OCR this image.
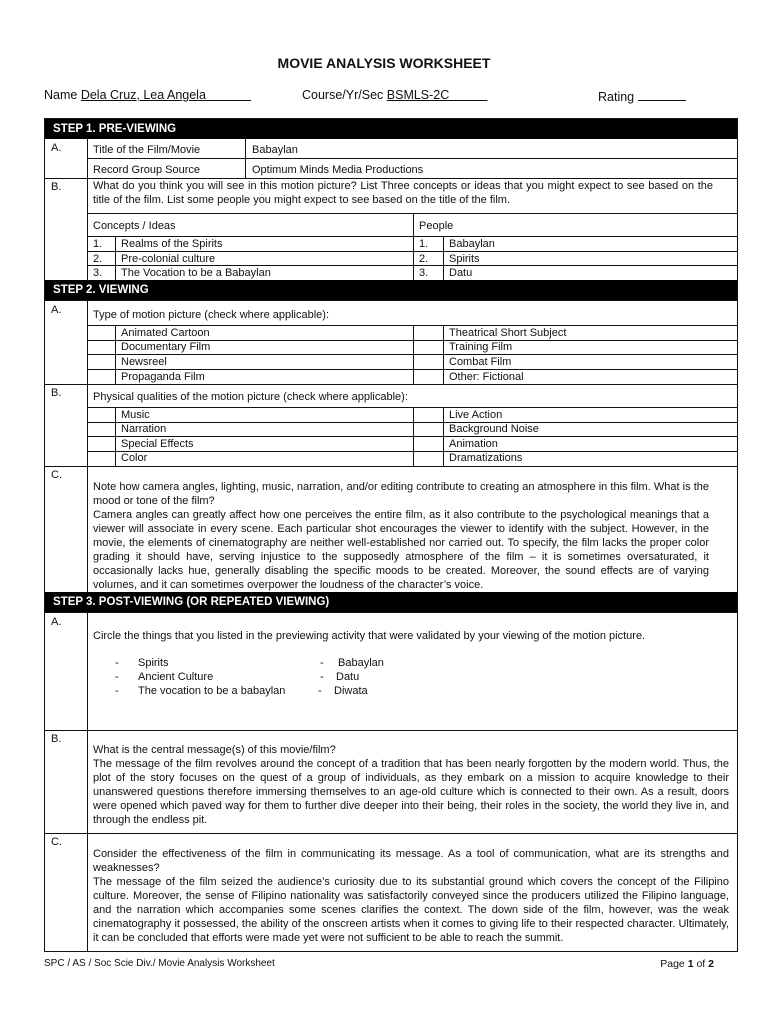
MOVIE ANALYSIS WORKSHEET
Name Dela Cruz, Lea Angela	Course/Yr/Sec BSMLS-2C	Rating
STEP 1. PRE-VIEWING
A.	Title of the Film/Movie	Babaylan
Record Group Source	Optimum Minds Media Productions
B.	What do you think you will see in this motion picture? List Three concepts or ideas that you might expect to see based on the title of the film. List some people you might expect to see based on the title of the film.
Concepts / Ideas	People
1. Realms of the Spirits	1. Babaylan
2. Pre-colonial culture	2. Spirits
3. The Vocation to be a Babaylan	3. Datu
STEP 2. VIEWING
A.	Type of motion picture (check where applicable):
Animated Cartoon	Theatrical Short Subject
Documentary Film	Training Film
Newsreel	Combat Film
Propaganda Film	Other: Fictional
B.	Physical qualities of the motion picture (check where applicable):
Music	Live Action
Narration	Background Noise
Special Effects	Animation
Color	Dramatizations
C.
Note how camera angles, lighting, music, narration, and/or editing contribute to creating an atmosphere in this film. What is the mood or tone of the film?
Camera angles can greatly affect how one perceives the entire film, as it also contribute to the psychological meanings that a viewer will associate in every scene. Each particular shot encourages the viewer to identify with the subject. However, in the movie, the elements of cinematography are neither well-established nor carried out. To specify, the film lacks the proper color grading it should have, serving injustice to the supposedly atmosphere of the film – it is sometimes oversaturated, it occasionally lacks hue, generally disabling the specific moods to be created. Moreover, the sound effects are of varying volumes, and it can sometimes overpower the loudness of the character’s voice.
STEP 3. POST-VIEWING (OR REPEATED VIEWING)
A.
Circle the things that you listed in the previewing activity that were validated by your viewing of the motion picture.
- Spirits	- Babaylan
- Ancient Culture	- Datu
- The vocation to be a babaylan	- Diwata
B.
What is the central message(s) of this movie/film?
The message of the film revolves around the concept of a tradition that has been nearly forgotten by the modern world. Thus, the plot of the story focuses on the quest of a group of individuals, as they embark on a mission to acquire knowledge to their unanswered questions therefore immersing themselves to an age-old culture which is connected to their own. As a result, doors were opened which paved way for them to further dive deeper into their being, their roles in the society, the world they live in, and through the endless pit.
C.
Consider the effectiveness of the film in communicating its message. As a tool of communication, what are its strengths and weaknesses?
The message of the film seized the audience’s curiosity due to its substantial ground which covers the concept of the Filipino culture. Moreover, the sense of Filipino nationality was satisfactorily conveyed since the producers utilized the Filipino language, and the narration which accompanies some scenes clarifies the context. The down side of the film, however, was the weak cinematography it possessed, the ability of the onscreen artists when it comes to giving life to their respected character. Ultimately, it can be concluded that efforts were made yet were not sufficient to be able to reach the summit.
SPC / AS / Soc Scie Div./ Movie Analysis Worksheet	Page 1 of 2
